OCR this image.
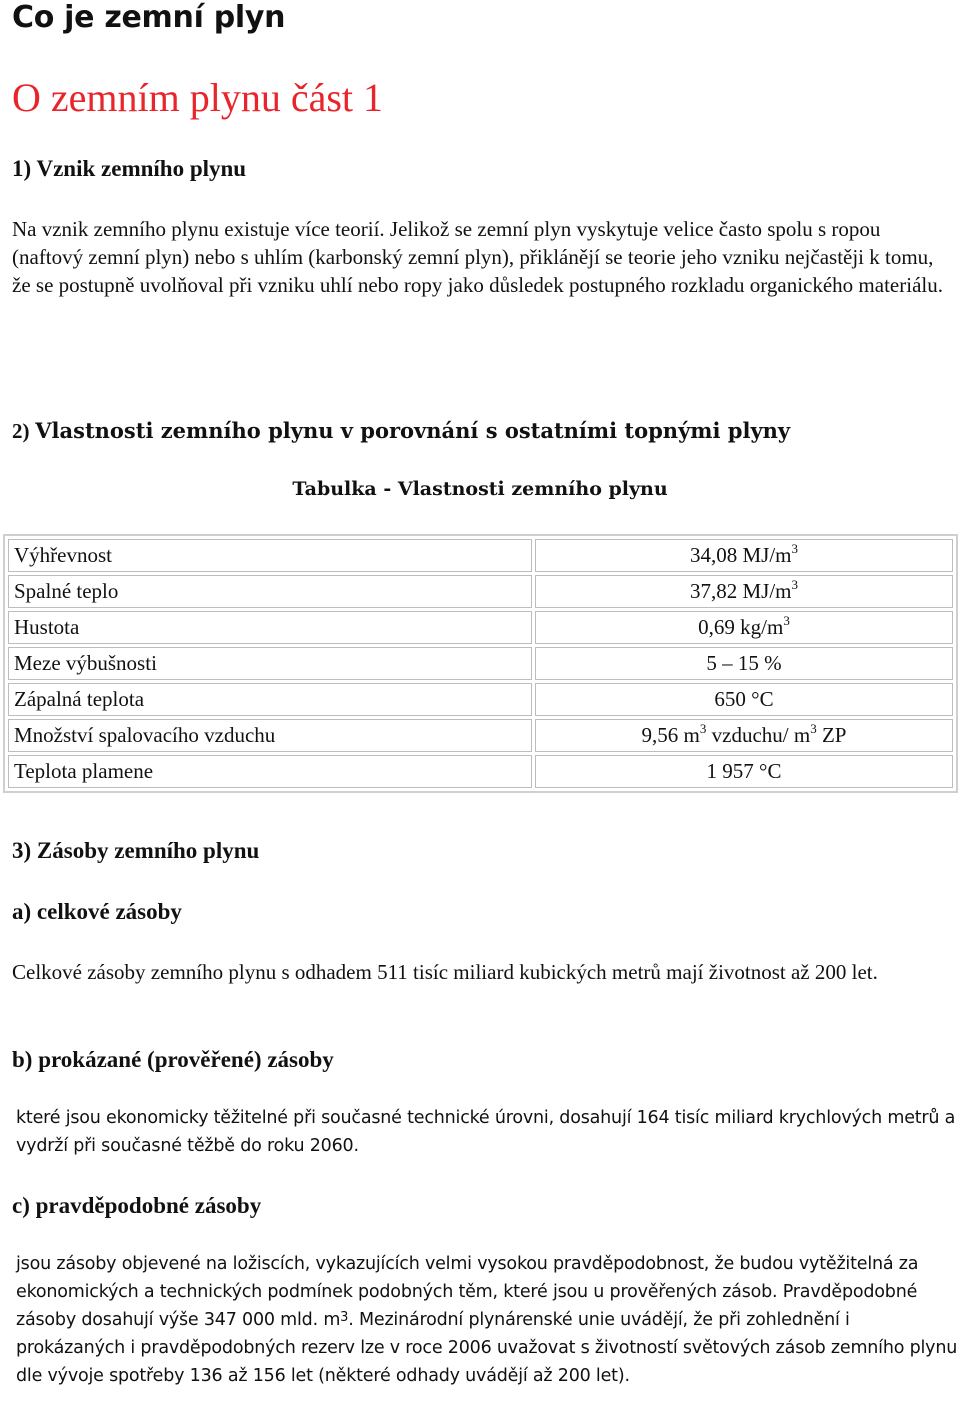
Co je zemní plyn
O zemním plynu část 1
1) Vznik zemního plynu
Na vznik zemního plynu existuje více teorií. Jelikož se zemní plyn vyskytuje velice často spolu s ropou (naftový zemní plyn) nebo s uhlím (karbonský zemní plyn), přiklánějí se teorie jeho vzniku nejčastěji k tomu, že se postupně uvolňoval při vzniku uhlí nebo ropy jako důsledek postupného rozkladu organického materiálu.
2) Vlastnosti zemního plynu v porovnání s ostatními topnými plyny
Tabulka - Vlastnosti zemního plynu
Výhřevnost	34,08 $MJ/m^3$
Spalné teplo	37,82 $MJ/m^3$
Hustota	0,69 $kg/m^3$
Meze výbušnosti	5 – 15 %
Zápalná teplota	650 °C
Množství spalovacího vzduchu	9,56 $m^3$ vzduchu/ $m^3$ ZP
Teplota plamene	1 957 °C
3) Zásoby zemního plynu
a) celkové zásoby
Celkové zásoby zemního plynu s odhadem 511 tisíc miliard kubických metrů mají životnost až 200 let.
b) prokázané (prověřené) zásoby
které jsou ekonomicky těžitelné při současné technické úrovni, dosahují 164 tisíc miliard krychlových metrů a vydrží při současné těžbě do roku 2060.
c) pravděpodobné zásoby
jsou zásoby objevené na ložiscích, vykazujících velmi vysokou pravděpodobnost, že budou vytěžitelná za ekonomických a technických podmínek podobných těm, které jsou u prověřených zásob. Pravděpodobné zásoby dosahují výše 347 000 mld. $m^3$. Mezinárodní plynárenské unie uvádějí, že při zohlednění i prokázaných i pravděpodobných rezerv lze v roce 2006 uvažovat s životností světových zásob zemního plynu dle vývoje spotřeby 136 až 156 let (některé odhady uvádějí až 200 let).
